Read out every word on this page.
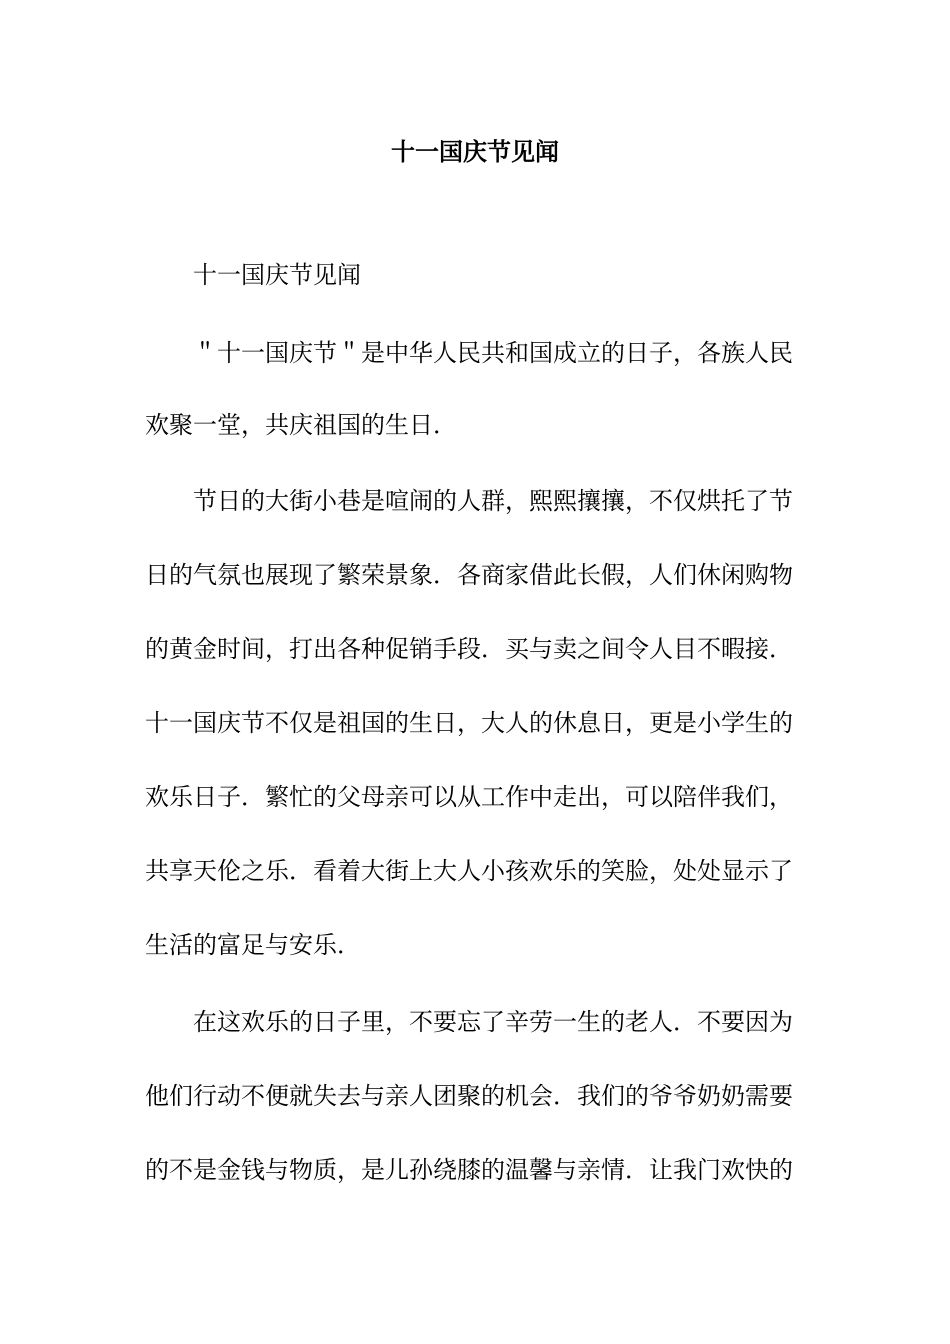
十一国庆节见闻

十一国庆节见闻

＂十一国庆节＂是中华人民共和国成立的日子，各族人民

欢聚一堂，共庆祖国的生日．

节日的大街小巷是喧闹的人群，熙熙攘攘，不仅烘托了节

日的气氛也展现了繁荣景象．各商家借此长假，人们休闲购物

的黄金时间，打出各种促销手段．买与卖之间令人目不暇接．

十一国庆节不仅是祖国的生日，大人的休息日，更是小学生的

欢乐日子．繁忙的父母亲可以从工作中走出，可以陪伴我们，

共享天伦之乐．看着大街上大人小孩欢乐的笑脸，处处显示了

生活的富足与安乐．

在这欢乐的日子里，不要忘了辛劳一生的老人．不要因为

他们行动不便就失去与亲人团聚的机会．我们的爷爷奶奶需要

的不是金钱与物质，是儿孙绕膝的温馨与亲情．让我门欢快的
